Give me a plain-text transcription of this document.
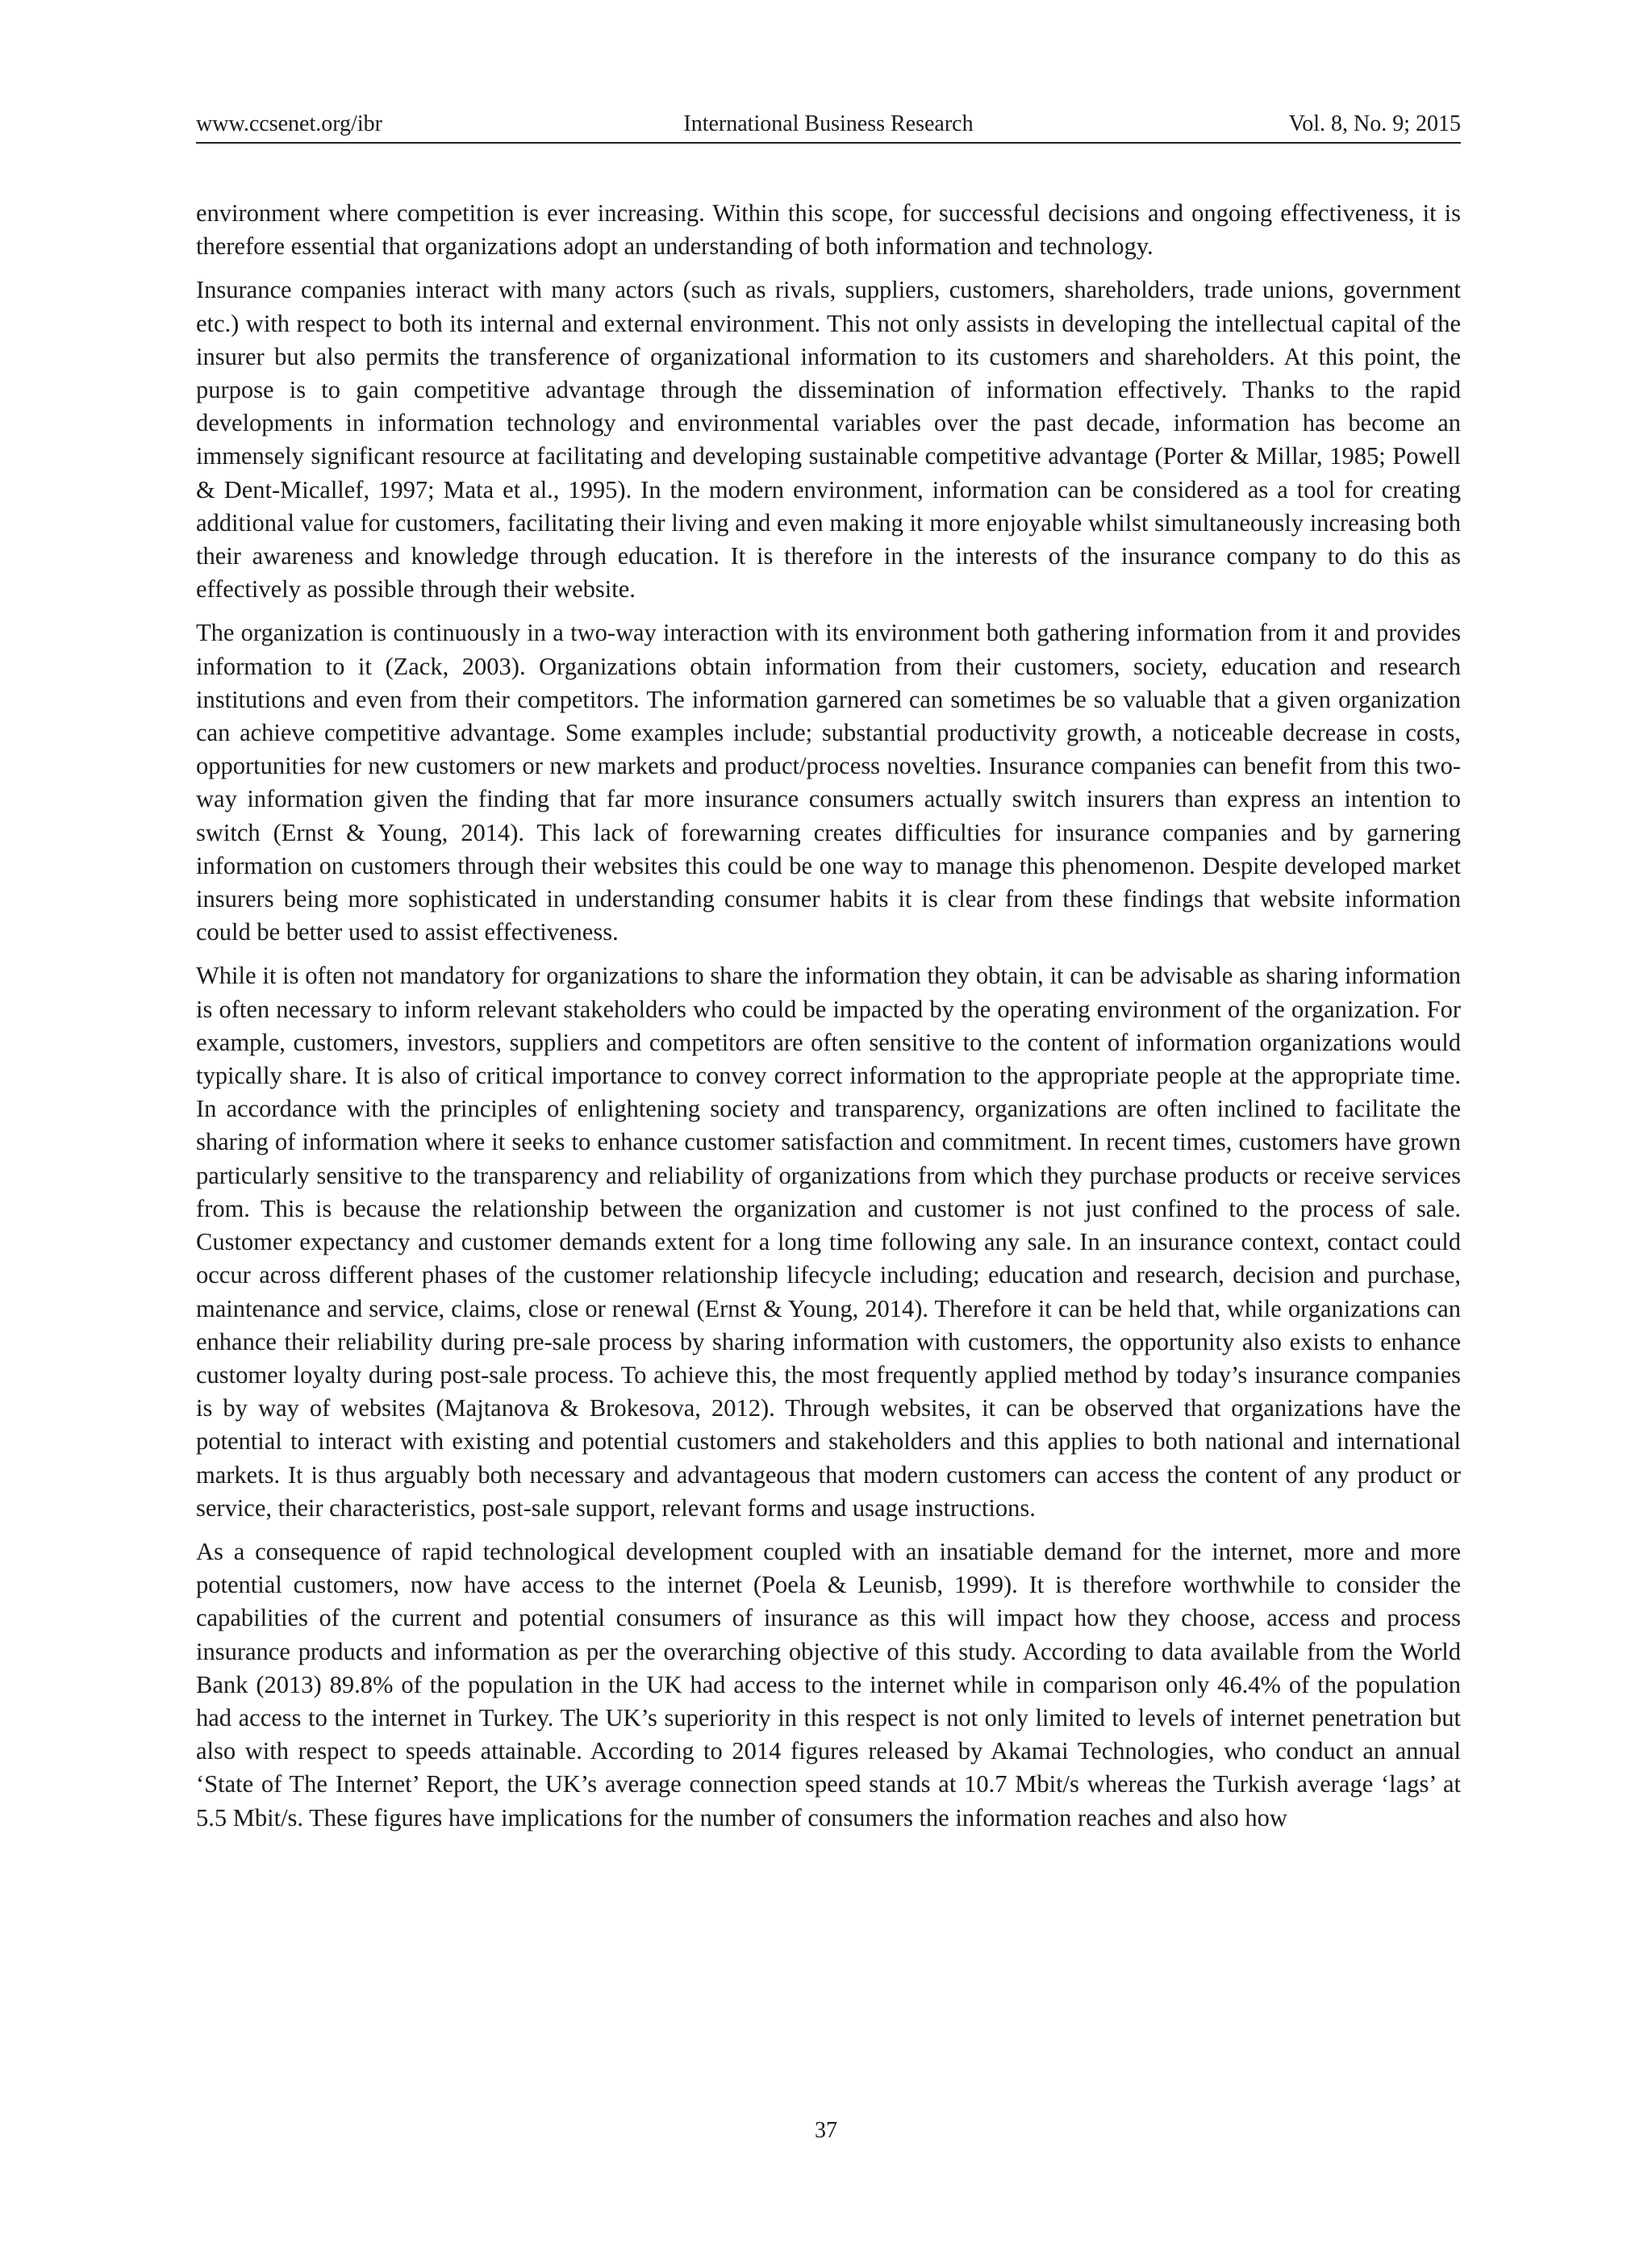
www.ccsenet.org/ibr	International Business Research	Vol. 8, No. 9; 2015

environment where competition is ever increasing. Within this scope, for successful decisions and ongoing effectiveness, it is therefore essential that organizations adopt an understanding of both information and technology.

Insurance companies interact with many actors (such as rivals, suppliers, customers, shareholders, trade unions, government etc.) with respect to both its internal and external environment. This not only assists in developing the intellectual capital of the insurer but also permits the transference of organizational information to its customers and shareholders. At this point, the purpose is to gain competitive advantage through the dissemination of information effectively. Thanks to the rapid developments in information technology and environmental variables over the past decade, information has become an immensely significant resource at facilitating and developing sustainable competitive advantage (Porter & Millar, 1985; Powell & Dent-Micallef, 1997; Mata et al., 1995). In the modern environment, information can be considered as a tool for creating additional value for customers, facilitating their living and even making it more enjoyable whilst simultaneously increasing both their awareness and knowledge through education. It is therefore in the interests of the insurance company to do this as effectively as possible through their website.

The organization is continuously in a two-way interaction with its environment both gathering information from it and provides information to it (Zack, 2003). Organizations obtain information from their customers, society, education and research institutions and even from their competitors. The information garnered can sometimes be so valuable that a given organization can achieve competitive advantage. Some examples include; substantial productivity growth, a noticeable decrease in costs, opportunities for new customers or new markets and product/process novelties. Insurance companies can benefit from this two-way information given the finding that far more insurance consumers actually switch insurers than express an intention to switch (Ernst & Young, 2014). This lack of forewarning creates difficulties for insurance companies and by garnering information on customers through their websites this could be one way to manage this phenomenon. Despite developed market insurers being more sophisticated in understanding consumer habits it is clear from these findings that website information could be better used to assist effectiveness.

While it is often not mandatory for organizations to share the information they obtain, it can be advisable as sharing information is often necessary to inform relevant stakeholders who could be impacted by the operating environment of the organization. For example, customers, investors, suppliers and competitors are often sensitive to the content of information organizations would typically share. It is also of critical importance to convey correct information to the appropriate people at the appropriate time. In accordance with the principles of enlightening society and transparency, organizations are often inclined to facilitate the sharing of information where it seeks to enhance customer satisfaction and commitment. In recent times, customers have grown particularly sensitive to the transparency and reliability of organizations from which they purchase products or receive services from. This is because the relationship between the organization and customer is not just confined to the process of sale. Customer expectancy and customer demands extent for a long time following any sale. In an insurance context, contact could occur across different phases of the customer relationship lifecycle including; education and research, decision and purchase, maintenance and service, claims, close or renewal (Ernst & Young, 2014). Therefore it can be held that, while organizations can enhance their reliability during pre-sale process by sharing information with customers, the opportunity also exists to enhance customer loyalty during post-sale process. To achieve this, the most frequently applied method by today’s insurance companies is by way of websites (Majtanova & Brokesova, 2012). Through websites, it can be observed that organizations have the potential to interact with existing and potential customers and stakeholders and this applies to both national and international markets. It is thus arguably both necessary and advantageous that modern customers can access the content of any product or service, their characteristics, post-sale support, relevant forms and usage instructions.

As a consequence of rapid technological development coupled with an insatiable demand for the internet, more and more potential customers, now have access to the internet (Poela & Leunisb, 1999). It is therefore worthwhile to consider the capabilities of the current and potential consumers of insurance as this will impact how they choose, access and process insurance products and information as per the overarching objective of this study. According to data available from the World Bank (2013) 89.8% of the population in the UK had access to the internet while in comparison only 46.4% of the population had access to the internet in Turkey. The UK’s superiority in this respect is not only limited to levels of internet penetration but also with respect to speeds attainable. According to 2014 figures released by Akamai Technologies, who conduct an annual ‘State of The Internet’ Report, the UK’s average connection speed stands at 10.7 Mbit/s whereas the Turkish average ‘lags’ at 5.5 Mbit/s. These figures have implications for the number of consumers the information reaches and also how

37
